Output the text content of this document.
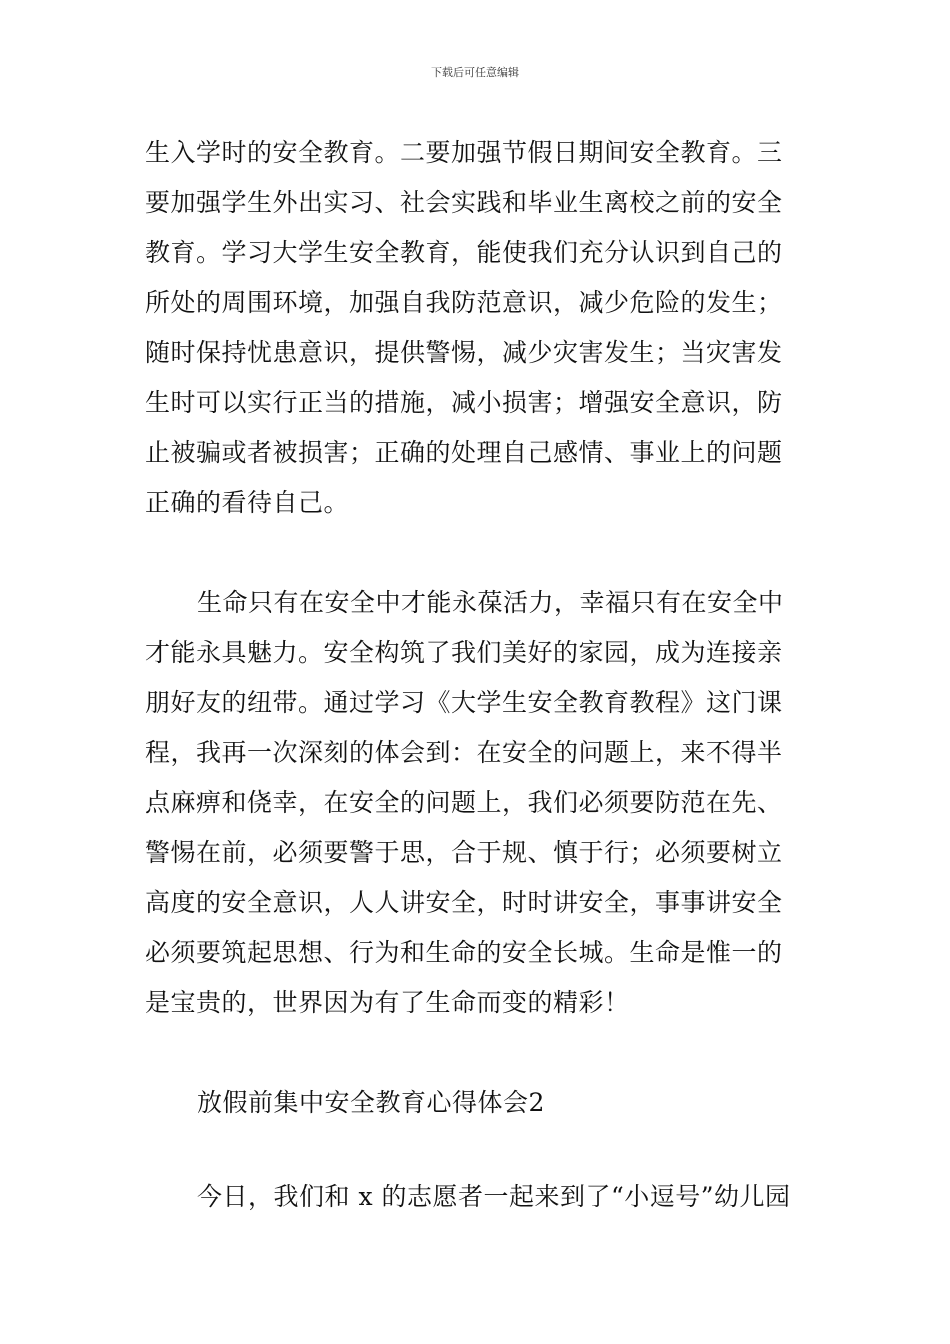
下载后可任意编辑
生入学时的安全教育。二要加强节假日期间安全教育。三
要加强学生外出实习、社会实践和毕业生离校之前的安全
教育。学习大学生安全教育，能使我们充分认识到自己的
所处的周围环境，加强自我防范意识，减少危险的发生；
随时保持忧患意识，提供警惕，减少灾害发生；当灾害发
生时可以实行正当的措施，减小损害；增强安全意识，防
止被骗或者被损害；正确的处理自己感情、事业上的问题
正确的看待自己。
生命只有在安全中才能永葆活力，幸福只有在安全中
才能永具魅力。安全构筑了我们美好的家园，成为连接亲
朋好友的纽带。通过学习《大学生安全教育教程》这门课
程，我再一次深刻的体会到：在安全的问题上，来不得半
点麻痹和侥幸，在安全的问题上，我们必须要防范在先、
警惕在前，必须要警于思，合于规、慎于行；必须要树立
高度的安全意识，人人讲安全，时时讲安全，事事讲安全
必须要筑起思想、行为和生命的安全长城。生命是惟一的
是宝贵的，世界因为有了生命而变的精彩！
放假前集中安全教育心得体会2
今日，我们和 x 的志愿者一起来到了“小逗号”幼儿园
